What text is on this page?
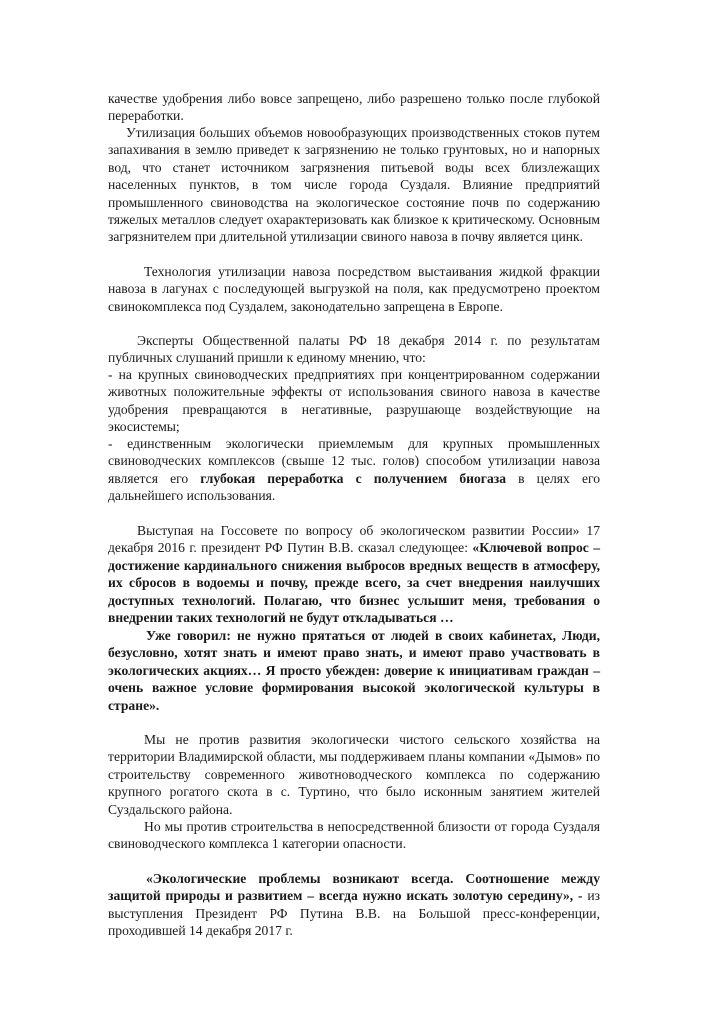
качестве удобрения либо вовсе запрещено, либо разрешено только после глубокой переработки.

Утилизация больших объемов новообразующих производственных стоков путем запахивания в землю приведет к загрязнению не только грунтовых, но и напорных вод, что станет источником загрязнения питьевой воды всех близлежащих населенных пунктов, в том числе города Суздаля. Влияние предприятий промышленного свиноводства на экологическое состояние почв по содержанию тяжелых металлов следует охарактеризовать как близкое к критическому. Основным загрязнителем при длительной утилизации свиного навоза в почву является цинк.

Технология утилизации навоза посредством выстаивания жидкой фракции навоза в лагунах с последующей выгрузкой на поля, как предусмотрено проектом свинокомплекса под Суздалем, законодательно запрещена в Европе.

Эксперты Общественной палаты РФ 18 декабря 2014 г. по результатам публичных слушаний пришли к единому мнению, что:

- на крупных свиноводческих предприятиях при концентрированном содержании животных положительные эффекты от использования свиного навоза в качестве удобрения превращаются в негативные, разрушающе воздействующие на экосистемы;

- единственным экологически приемлемым для крупных промышленных свиноводческих комплексов (свыше 12 тыс. голов) способом утилизации навоза является его глубокая переработка с получением биогаза в целях его дальнейшего использования.

Выступая на Госсовете по вопросу об экологическом развитии России» 17 декабря 2016 г. президент РФ Путин В.В. сказал следующее: «Ключевой вопрос – достижение кардинального снижения выбросов вредных веществ в атмосферу, их сбросов в водоемы и почву, прежде всего, за счет внедрения наилучших доступных технологий. Полагаю, что бизнес услышит меня, требования о внедрении таких технологий не будут откладываться …

Уже говорил: не нужно прятаться от людей в своих кабинетах, Люди, безусловно, хотят знать и имеют право знать, и имеют право участвовать в экологических акциях… Я просто убежден: доверие к инициативам граждан – очень важное условие формирования высокой экологической культуры в стране».

Мы не против развития экологически чистого сельского хозяйства на территории Владимирской области, мы поддерживаем планы компании «Дымов» по строительству современного животноводческого комплекса по содержанию крупного рогатого скота в с. Туртино, что было исконным занятием жителей Суздальского района.

Но мы против строительства в непосредственной близости от города Суздаля свиноводческого комплекса 1 категории опасности.

«Экологические проблемы возникают всегда. Соотношение между защитой природы и развитием – всегда нужно искать золотую середину», - из выступления Президент РФ Путина В.В. на Большой пресс-конференции, проходившей 14 декабря 2017 г.
